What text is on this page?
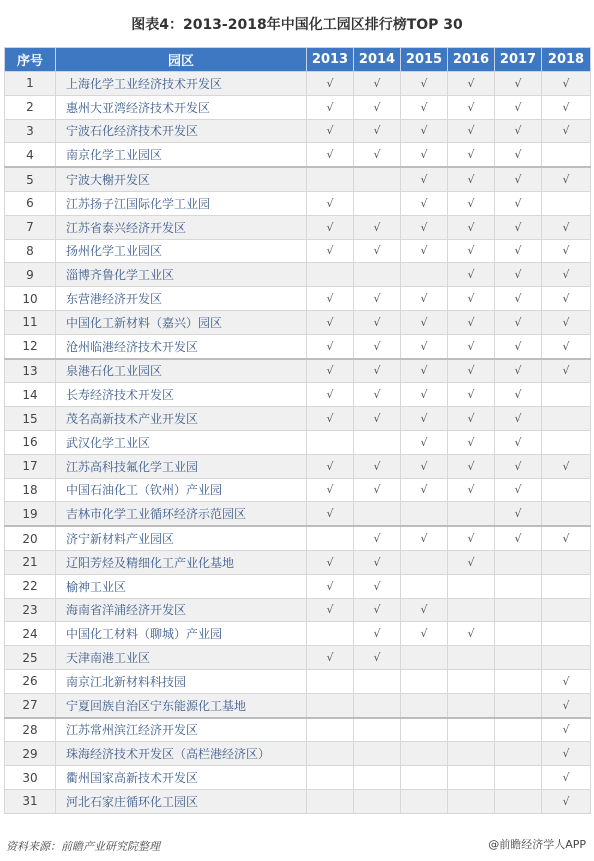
图表4：2013-2018年中国化工园区排行榜TOP 30
序号	园区	2013	2014	2015	2016	2017	2018
1	上海化学工业经济技术开发区	√	√	√	√	√	√
2	惠州大亚湾经济技术开发区	√	√	√	√	√	√
3	宁波石化经济技术开发区	√	√	√	√	√	√
4	南京化学工业园区	√	√	√	√	√	
5	宁波大榭开发区			√	√	√	√
6	江苏扬子江国际化学工业园	√		√	√	√	
7	江苏省泰兴经济开发区	√	√	√	√	√	√
8	扬州化学工业园区	√	√	√	√	√	√
9	淄博齐鲁化学工业区				√	√	√
10	东营港经济开发区	√	√	√	√	√	√
11	中国化工新材料（嘉兴）园区	√	√	√	√	√	√
12	沧州临港经济技术开发区	√	√	√	√	√	√
13	泉港石化工业园区	√	√	√	√	√	√
14	长寿经济技术开发区	√	√	√	√	√	
15	茂名高新技术产业开发区	√	√	√	√	√	
16	武汉化学工业区			√	√	√	
17	江苏高科技氟化学工业园	√	√	√	√	√	√
18	中国石油化工（钦州）产业园	√	√	√	√	√	
19	吉林市化学工业循环经济示范园区	√				√	
20	济宁新材料产业园区		√	√	√	√	√
21	辽阳芳烃及精细化工产业化基地	√	√		√		
22	榆神工业区	√	√				
23	海南省洋浦经济开发区	√	√	√			
24	中国化工材料（聊城）产业园		√	√	√		
25	天津南港工业区	√	√				
26	南京江北新材料科技园						√
27	宁夏回族自治区宁东能源化工基地						√
28	江苏常州滨江经济开发区						√
29	珠海经济技术开发区（高栏港经济区）						√
30	衢州国家高新技术开发区						√
31	河北石家庄循环化工园区						√
资料来源：前瞻产业研究院整理	@前瞻经济学人APP
